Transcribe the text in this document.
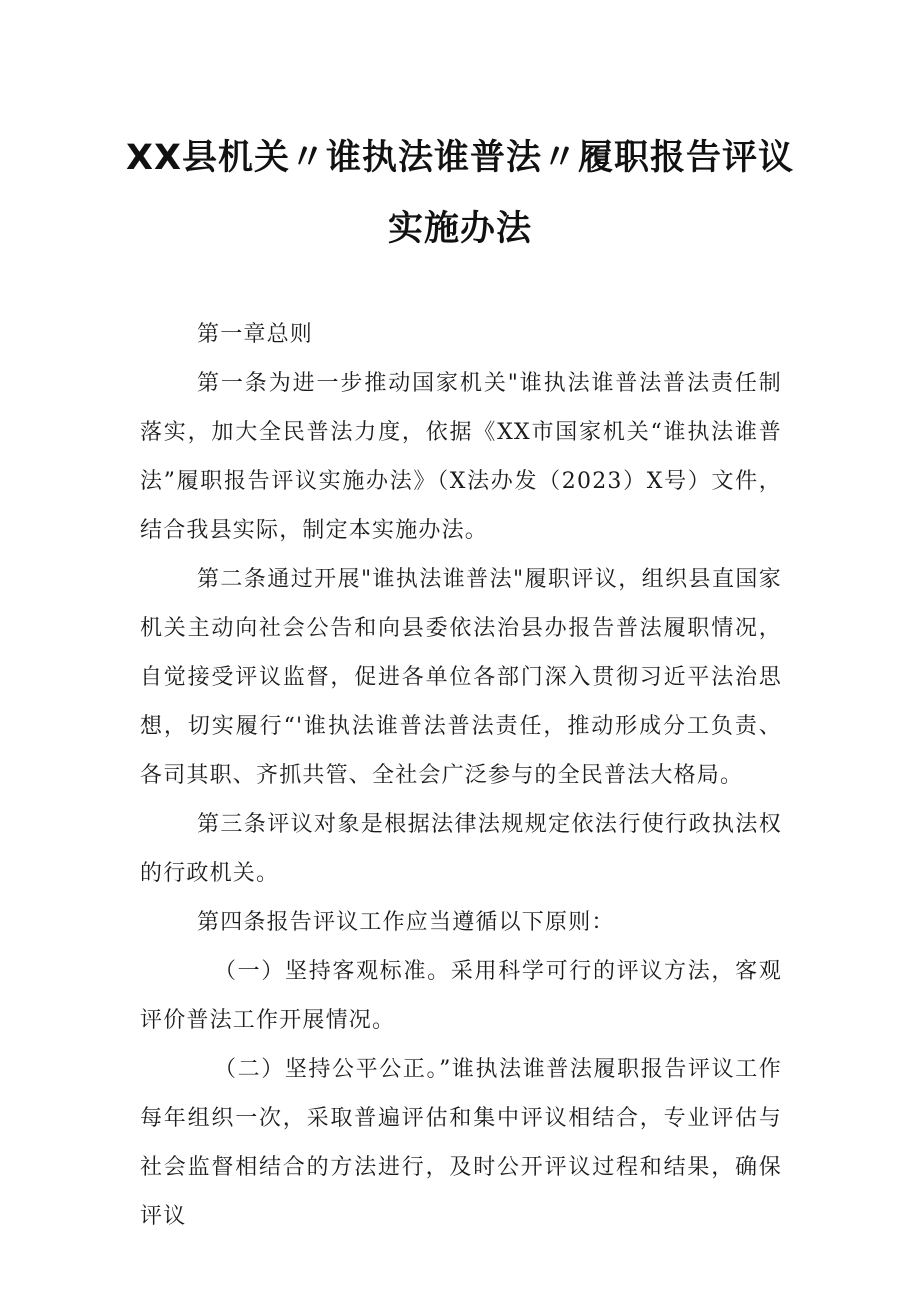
XX县机关〃谁执法谁普法〃履职报告评议
实施办法

第一章总则

第一条为进一步推动国家机关"谁执法谁普法普法责任制落实，加大全民普法力度，依据《XX市国家机关“谁执法谁普法”履职报告评议实施办法》（X法办发（2023）X号）文件，结合我县实际，制定本实施办法。

第二条通过开展"谁执法谁普法"履职评议，组织县直国家机关主动向社会公告和向县委依法治县办报告普法履职情况，自觉接受评议监督，促进各单位各部门深入贯彻习近平法治思想，切实履行“'谁执法谁普法普法责任，推动形成分工负责、各司其职、齐抓共管、全社会广泛参与的全民普法大格局。

第三条评议对象是根据法律法规规定依法行使行政执法权的行政机关。

第四条报告评议工作应当遵循以下原则：

（一）坚持客观标准。采用科学可行的评议方法，客观评价普法工作开展情况。

（二）坚持公平公正。”谁执法谁普法履职报告评议工作每年组织一次，采取普遍评估和集中评议相结合，专业评估与社会监督相结合的方法进行，及时公开评议过程和结果，确保评议
